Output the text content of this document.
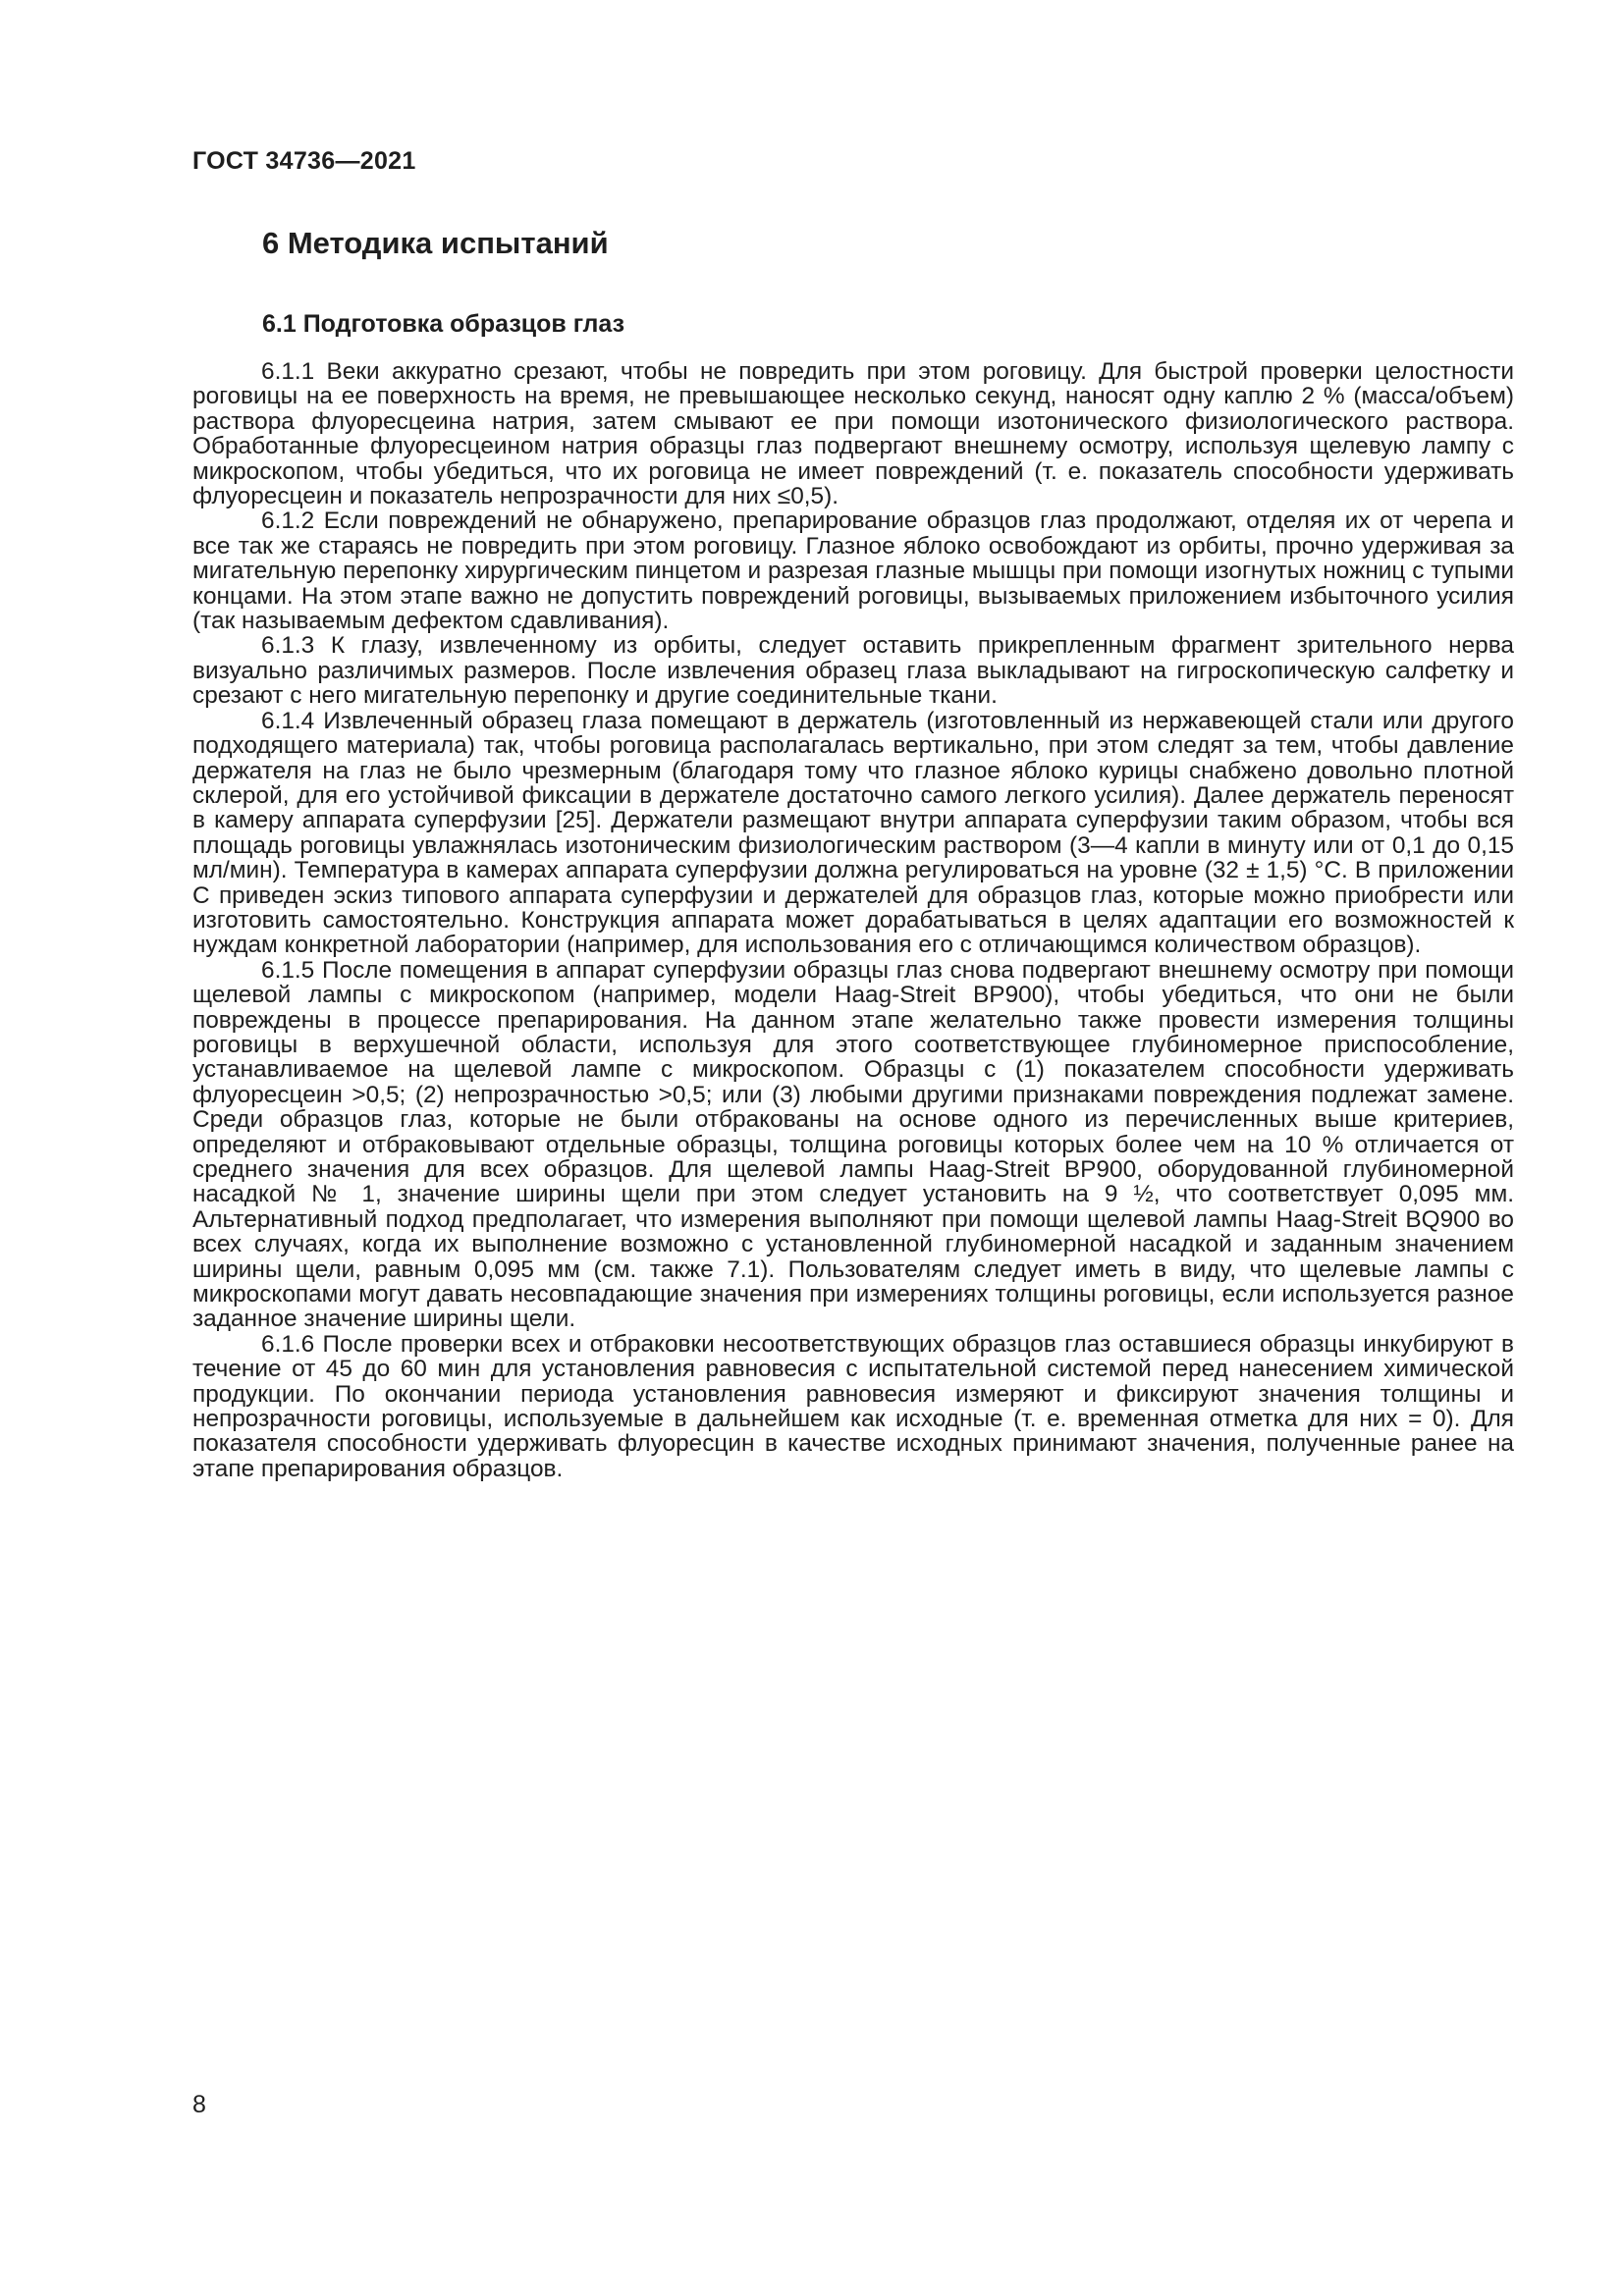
ГОСТ 34736—2021
6 Методика испытаний
6.1 Подготовка образцов глаз

6.1.1 Веки аккуратно срезают, чтобы не повредить при этом роговицу. Для быстрой проверки целостности роговицы на ее поверхность на время, не превышающее несколько секунд, наносят одну каплю 2 % (масса/объем) раствора флуоресцеина натрия, затем смывают ее при помощи изотонического физиологического раствора. Обработанные флуоресцеином натрия образцы глаз подвергают внешнему осмотру, используя щелевую лампу с микроскопом, чтобы убедиться, что их роговица не имеет повреждений (т. е. показатель способности удерживать флуоресцеин и показатель непрозрачности для них ≤0,5).

6.1.2 Если повреждений не обнаружено, препарирование образцов глаз продолжают, отделяя их от черепа и все так же стараясь не повредить при этом роговицу. Глазное яблоко освобождают из орбиты, прочно удерживая за мигательную перепонку хирургическим пинцетом и разрезая глазные мышцы при помощи изогнутых ножниц с тупыми концами. На этом этапе важно не допустить повреждений роговицы, вызываемых приложением избыточного усилия (так называемым дефектом сдавливания).

6.1.3 К глазу, извлеченному из орбиты, следует оставить прикрепленным фрагмент зрительного нерва визуально различимых размеров. После извлечения образец глаза выкладывают на гигроскопическую салфетку и срезают с него мигательную перепонку и другие соединительные ткани.

6.1.4 Извлеченный образец глаза помещают в держатель (изготовленный из нержавеющей стали или другого подходящего материала) так, чтобы роговица располагалась вертикально, при этом следят за тем, чтобы давление держателя на глаз не было чрезмерным (благодаря тому что глазное яблоко курицы снабжено довольно плотной склерой, для его устойчивой фиксации в держателе достаточно самого легкого усилия). Далее держатель переносят в камеру аппарата суперфузии [25]. Держатели размещают внутри аппарата суперфузии таким образом, чтобы вся площадь роговицы увлажнялась изотоническим физиологическим раствором (3—4 капли в минуту или от 0,1 до 0,15 мл/мин). Температура в камерах аппарата суперфузии должна регулироваться на уровне (32 ± 1,5) °С. В приложении С приведен эскиз типового аппарата суперфузии и держателей для образцов глаз, которые можно приобрести или изготовить самостоятельно. Конструкция аппарата может дорабатываться в целях адаптации его возможностей к нуждам конкретной лаборатории (например, для использования его с отличающимся количеством образцов).

6.1.5 После помещения в аппарат суперфузии образцы глаз снова подвергают внешнему осмотру при помощи щелевой лампы с микроскопом (например, модели Haag-Streit BP900), чтобы убедиться, что они не были повреждены в процессе препарирования. На данном этапе желательно также провести измерения толщины роговицы в верхушечной области, используя для этого соответствующее глубиномерное приспособление, устанавливаемое на щелевой лампе с микроскопом. Образцы с (1) показателем способности удерживать флуоресцеин >0,5; (2) непрозрачностью >0,5; или (3) любыми другими признаками повреждения подлежат замене. Среди образцов глаз, которые не были отбракованы на основе одного из перечисленных выше критериев, определяют и отбраковывают отдельные образцы, толщина роговицы которых более чем на 10 % отличается от среднего значения для всех образцов. Для щелевой лампы Haag-Streit BP900, оборудованной глубиномерной насадкой № 1, значение ширины щели при этом следует установить на 9 ½, что соответствует 0,095 мм. Альтернативный подход предполагает, что измерения выполняют при помощи щелевой лампы Haag-Streit BQ900 во всех случаях, когда их выполнение возможно с установленной глубиномерной насадкой и заданным значением ширины щели, равным 0,095 мм (см. также 7.1). Пользователям следует иметь в виду, что щелевые лампы с микроскопами могут давать несовпадающие значения при измерениях толщины роговицы, если используется разное заданное значение ширины щели.

6.1.6 После проверки всех и отбраковки несоответствующих образцов глаз оставшиеся образцы инкубируют в течение от 45 до 60 мин для установления равновесия с испытательной системой перед нанесением химической продукции. По окончании периода установления равновесия измеряют и фиксируют значения толщины и непрозрачности роговицы, используемые в дальнейшем как исходные (т. е. временная отметка для них = 0). Для показателя способности удерживать флуоресцин в качестве исходных принимают значения, полученные ранее на этапе препарирования образцов.

8
